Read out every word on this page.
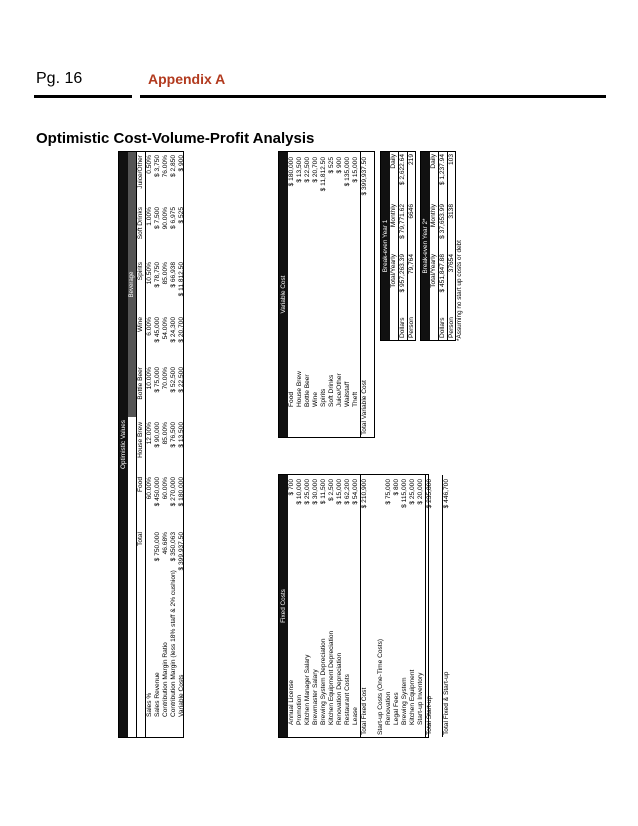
Pg. 16	Appendix A
Optimistic Cost-Volume-Profit Analysis
Optimistic Values
Beverage
Total
Food
House Brew
Bottle Beer
Wine
Spirits
Soft Drinks
Juice/Other
Sales %
60.00%
12.00%
10.00%
6.00%
10.50%
1.00%
0.50%
Sales Revenue
$ 750,000
$ 450,000
$ 90,000
$ 75,000
$ 45,000
$ 78,750
$ 7,500
$ 3,750
Contribution Margin Ratio
46.68%
60.00%
85.00%
70.00%
54.00%
85.00%
90.00%
76.00%
Contribution Margin (less 18% staff & 2% cushion)
$ 350,063
$ 270,000
$ 76,500
$ 52,500
$ 24,300
$ 66,938
$ 6,975
$ 2,850
Variable Costs
$ 399,937.50
$ 180,000
$ 13,500
$ 22,500
$ 20,700
$ 11,812.50
$ 525
$ 900
Fixed Costs
Annual License
$ 700
Promotion
$ 10,000
Kitchen Manager Salary
$ 25,000
Brewmaster Salary
$ 30,000
Brewing System Depreciation
$ 11,500
Kitchen Equipment Depreciation
$ 2,500
Renovation Depreciation
$ 15,000
Restaurant Costs
$ 62,200
Lease
$ 54,000
Total Fixed Cost
$ 210,900
Start-up Costs (One-Time Costs) Renovation
$ 75,000
Legal Fees
$ 800
Brewing System
$ 115,000
Kitchen Equipment
$ 25,000
Start-up Inventory
$ 20,000
Total Start-up
$ 235,800
Total Fixed & Start-up
$ 446,700
Variable Cost
Food
$ 180,000
House Brew
$ 13,500
Bottle Beer
$ 22,500
Wine
$ 20,700
Spirits
$ 11,812.50
Soft Drinks
$ 525
Juice/Other
$ 900
Waitstaff
$ 135,000
Theft
$ 15,000
Total Variable Cost
$ 399,937.50
Break-even Year 1 Total/Yearly
Monthly
Daily
Dollars
$ 957,263.39
$ 79,771.62
$ 2,622.64
Person
79,764
6646
219
Break-even Year 2* Total/Yearly
Monthly
Daily
Dollars
$ 451,847.88
$ 37,653.99
$ 1,237.94
Person
37654
3138
103
*Assuming no start up costs or debt
